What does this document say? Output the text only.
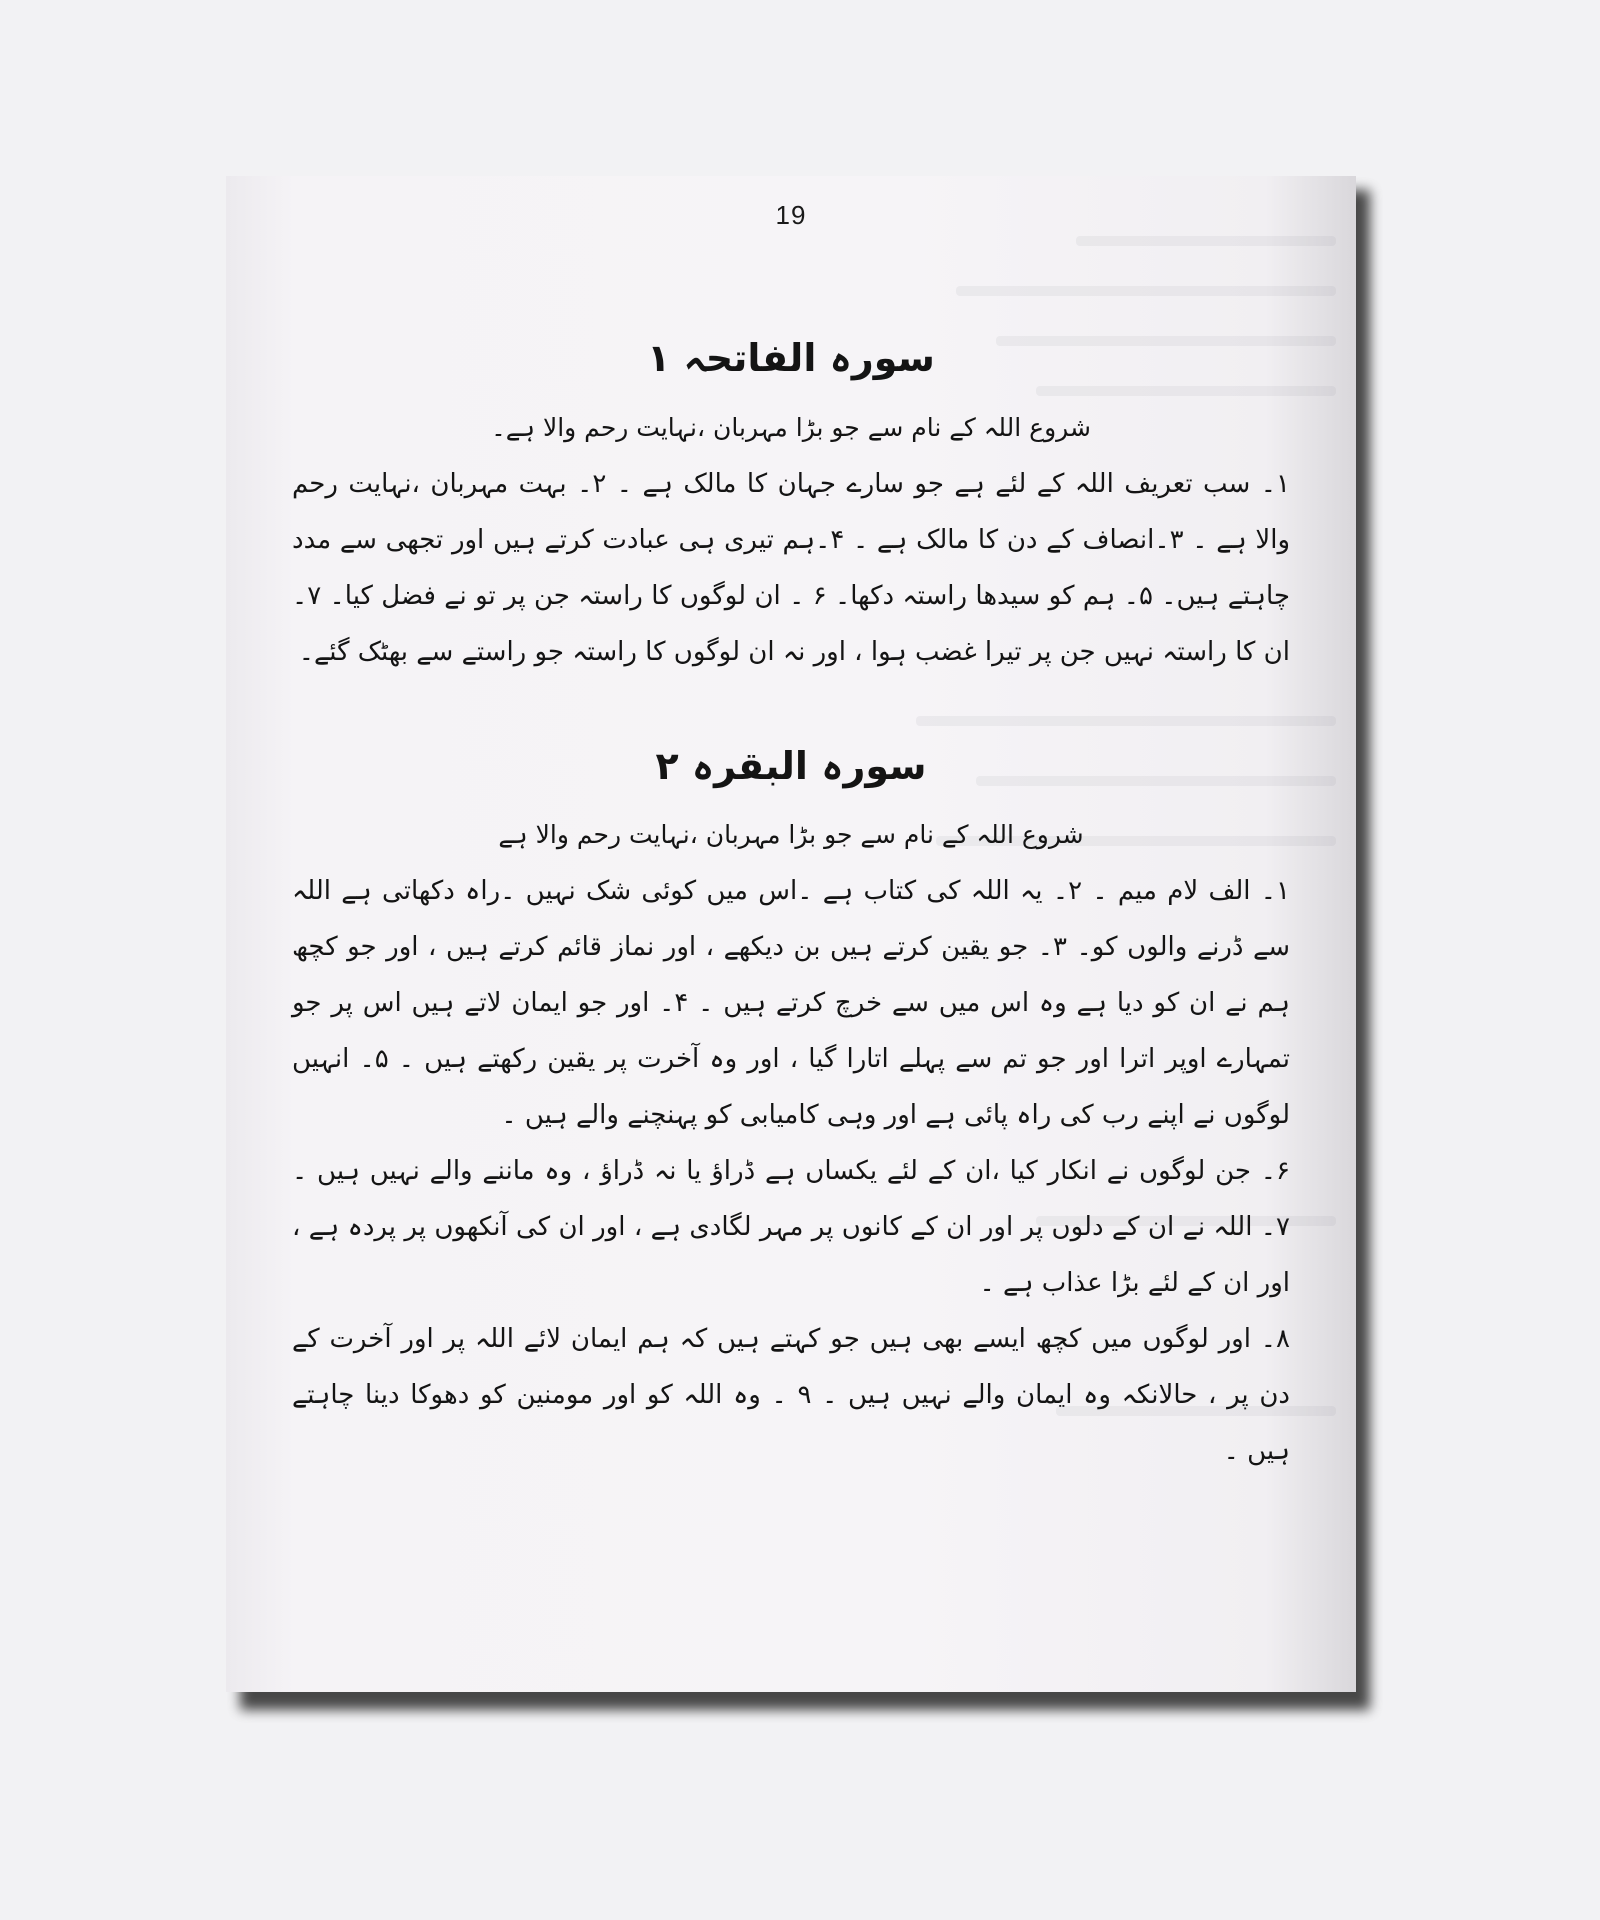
19
سورہ الفاتحہ ۱

شروع اللہ کے نام سے جو بڑا مہربان ،نہایت رحم والا ہے۔

۱۔ سب تعریف اللہ کے لئے ہے جو سارے جہان کا مالک ہے ۔ ۲۔ بہت مہربان ،نہایت رحم والا ہے ۔ ۳۔انصاف کے دن کا مالک ہے ۔ ۴۔ہم تیری ہی عبادت کرتے ہیں اور تجھی سے مدد چاہتے ہیں۔ ۵۔ ہم کو سیدھا راستہ دکھا۔ ۶ ۔ ان لوگوں کا راستہ جن پر تو نے فضل کیا۔ ۷۔ان کا راستہ نہیں جن پر تیرا غضب ہوا ، اور نہ ان لوگوں کا راستہ جو راستے سے بھٹک گئے۔

سورہ البقرہ ۲

شروع اللہ کے نام سے جو بڑا مہربان ،نہایت رحم والا ہے

۱۔ الف لام میم ۔ ۲۔ یہ اللہ کی کتاب ہے ۔اس میں کوئی شک نہیں ۔راہ دکھاتی ہے اللہ سے ڈرنے والوں کو۔ ۳۔ جو یقین کرتے ہیں بن دیکھے ، اور نماز قائم کرتے ہیں ، اور جو کچھ ہم نے ان کو دیا ہے وہ اس میں سے خرچ کرتے ہیں ۔ ۴۔ اور جو ایمان لاتے ہیں اس پر جو تمہارے اوپر اترا اور جو تم سے پہلے اتارا گیا ، اور وہ آخرت پر یقین رکھتے ہیں ۔ ۵۔ انہیں لوگوں نے اپنے رب کی راہ پائی ہے اور وہی کامیابی کو پہنچنے والے ہیں ۔

۶۔ جن لوگوں نے انکار کیا ،ان کے لئے یکساں ہے ڈراؤ یا نہ ڈراؤ ، وہ ماننے والے نہیں ہیں ۔ ۷۔ اللہ نے ان کے دلوں پر اور ان کے کانوں پر مہر لگادی ہے ، اور ان کی آنکھوں پر پردہ ہے ، اور ان کے لئے بڑا عذاب ہے ۔

۸۔ اور لوگوں میں کچھ ایسے بھی ہیں جو کہتے ہیں کہ ہم ایمان لائے اللہ پر اور آخرت کے دن پر ، حالانکہ وہ ایمان والے نہیں ہیں ۔ ۹ ۔ وہ اللہ کو اور مومنین کو دھوکا دینا چاہتے ہیں ۔
